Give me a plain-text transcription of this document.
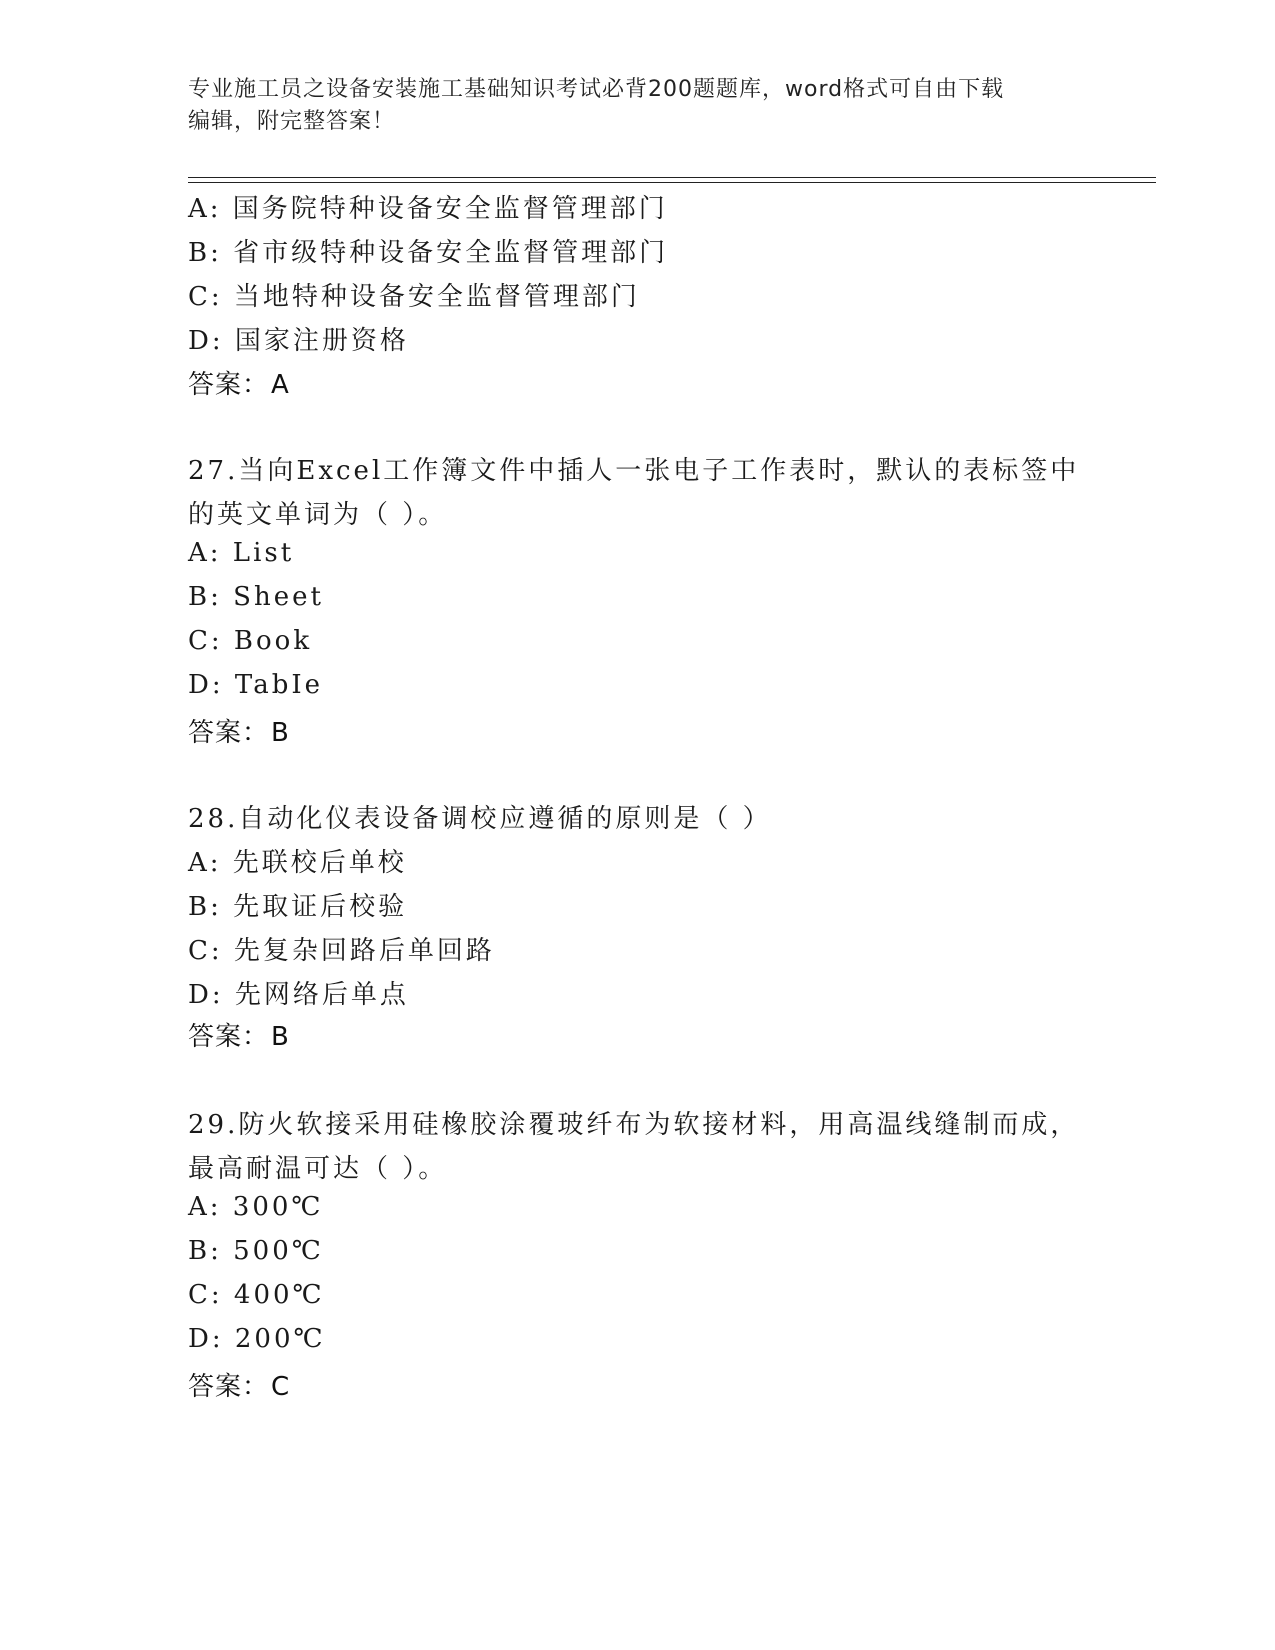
专业施工员之设备安装施工基础知识考试必背200题题库，word格式可自由下载
编辑，附完整答案！
A: 国务院特种设备安全监督管理部门
B: 省市级特种设备安全监督管理部门
C: 当地特种设备安全监督管理部门
D: 国家注册资格
答案：A
27.当向Excel工作簿文件中插人一张电子工作表时，默认的表标签中
的英文单词为（ ）。
A: List
B: Sheet
C: Book
D: TabIe
答案：B
28.自动化仪表设备调校应遵循的原则是（ ）
A: 先联校后单校
B: 先取证后校验
C: 先复杂回路后单回路
D: 先网络后单点
答案：B
29.防火软接采用硅橡胶涂覆玻纤布为软接材料，用高温线缝制而成，
最高耐温可达（ ）。
A: 300℃
B: 500℃
C: 400℃
D: 200℃
答案：C
